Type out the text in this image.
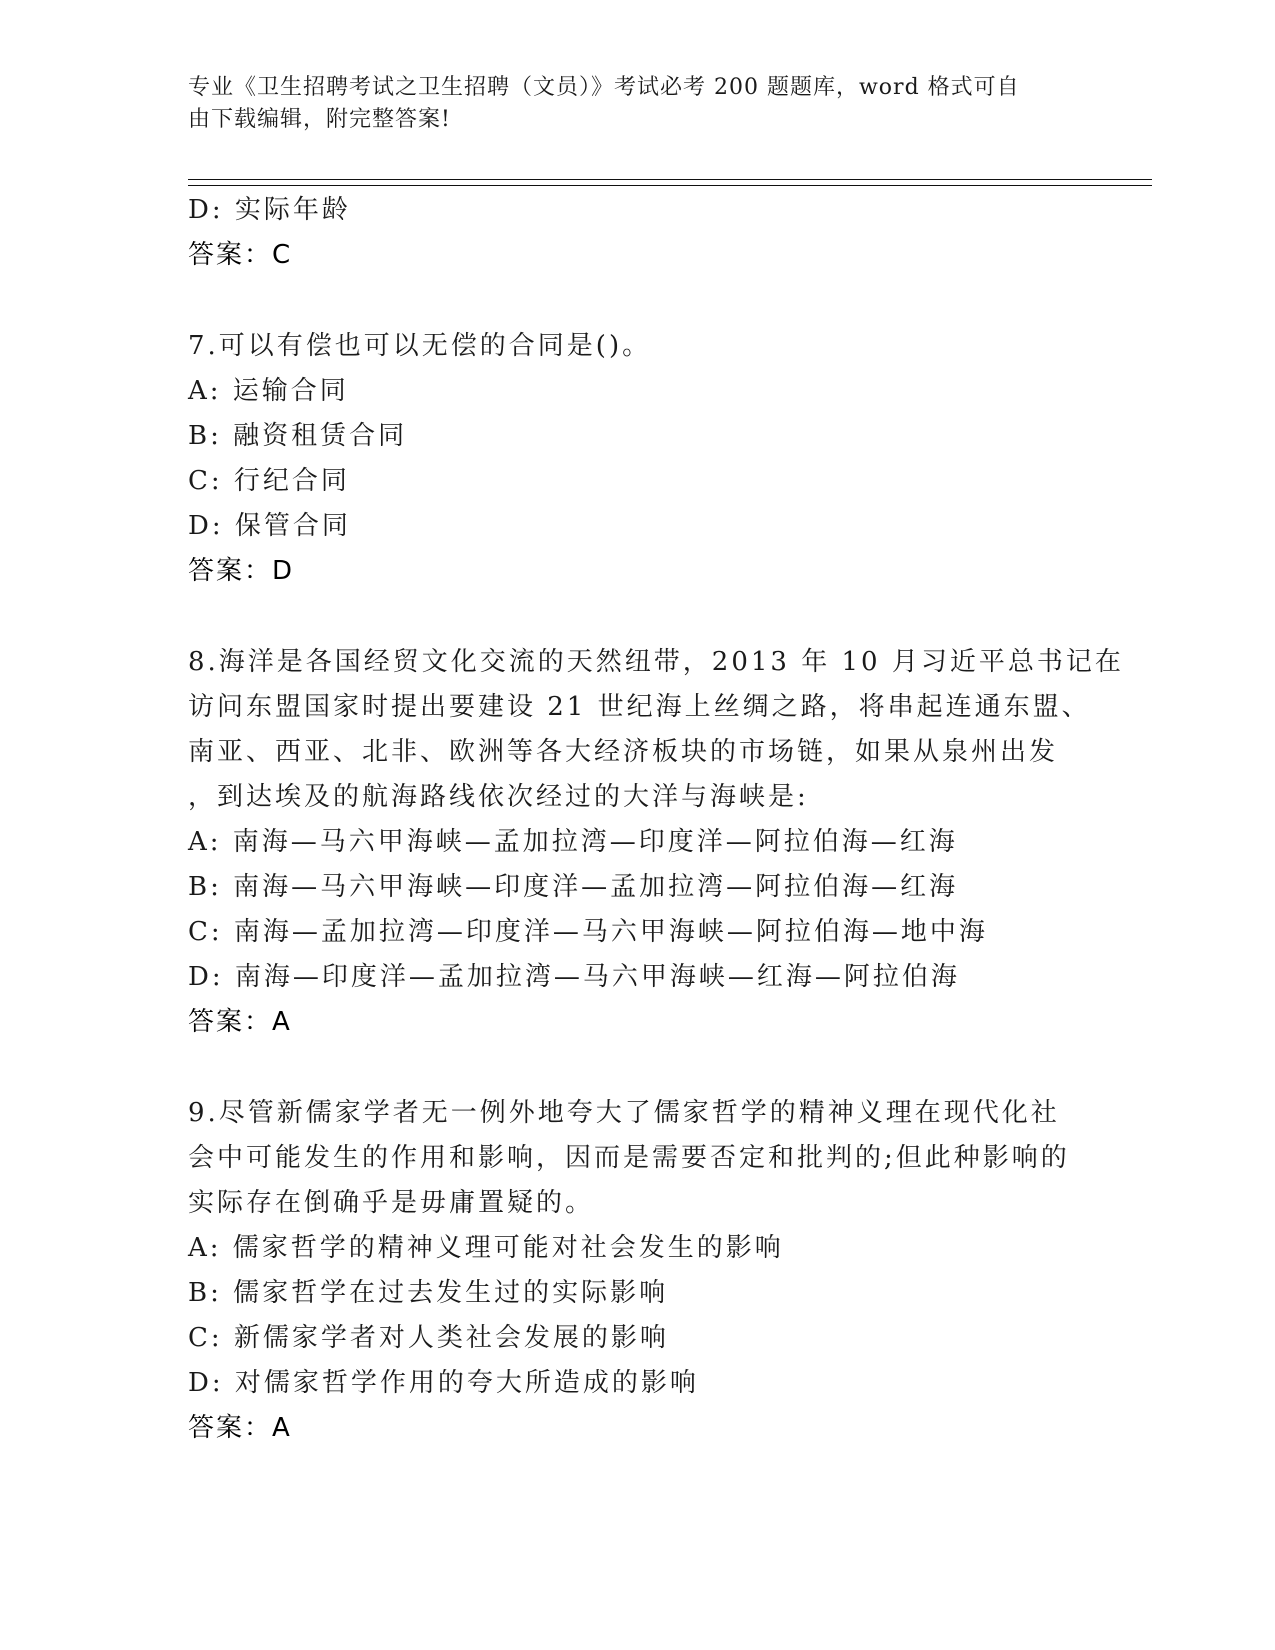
专业《卫生招聘考试之卫生招聘（文员）》考试必考 200 题题库，word 格式可自
由下载编辑，附完整答案!
D: 实际年龄
答案：C
7.可以有偿也可以无偿的合同是()。
A: 运输合同
B: 融资租赁合同
C: 行纪合同
D: 保管合同
答案：D
8.海洋是各国经贸文化交流的天然纽带，2013 年 10 月习近平总书记在
访问东盟国家时提出要建设 21 世纪海上丝绸之路，将串起连通东盟、
南亚、西亚、北非、欧洲等各大经济板块的市场链，如果从泉州出发
，到达埃及的航海路线依次经过的大洋与海峡是:
A: 南海—马六甲海峡—孟加拉湾—印度洋—阿拉伯海—红海
B: 南海—马六甲海峡—印度洋—孟加拉湾—阿拉伯海—红海
C: 南海—孟加拉湾—印度洋—马六甲海峡—阿拉伯海—地中海
D: 南海—印度洋—孟加拉湾—马六甲海峡—红海—阿拉伯海
答案：A
9.尽管新儒家学者无一例外地夸大了儒家哲学的精神义理在现代化社
会中可能发生的作用和影响，因而是需要否定和批判的;但此种影响的
实际存在倒确乎是毋庸置疑的。
A: 儒家哲学的精神义理可能对社会发生的影响
B: 儒家哲学在过去发生过的实际影响
C: 新儒家学者对人类社会发展的影响
D: 对儒家哲学作用的夸大所造成的影响
答案：A
